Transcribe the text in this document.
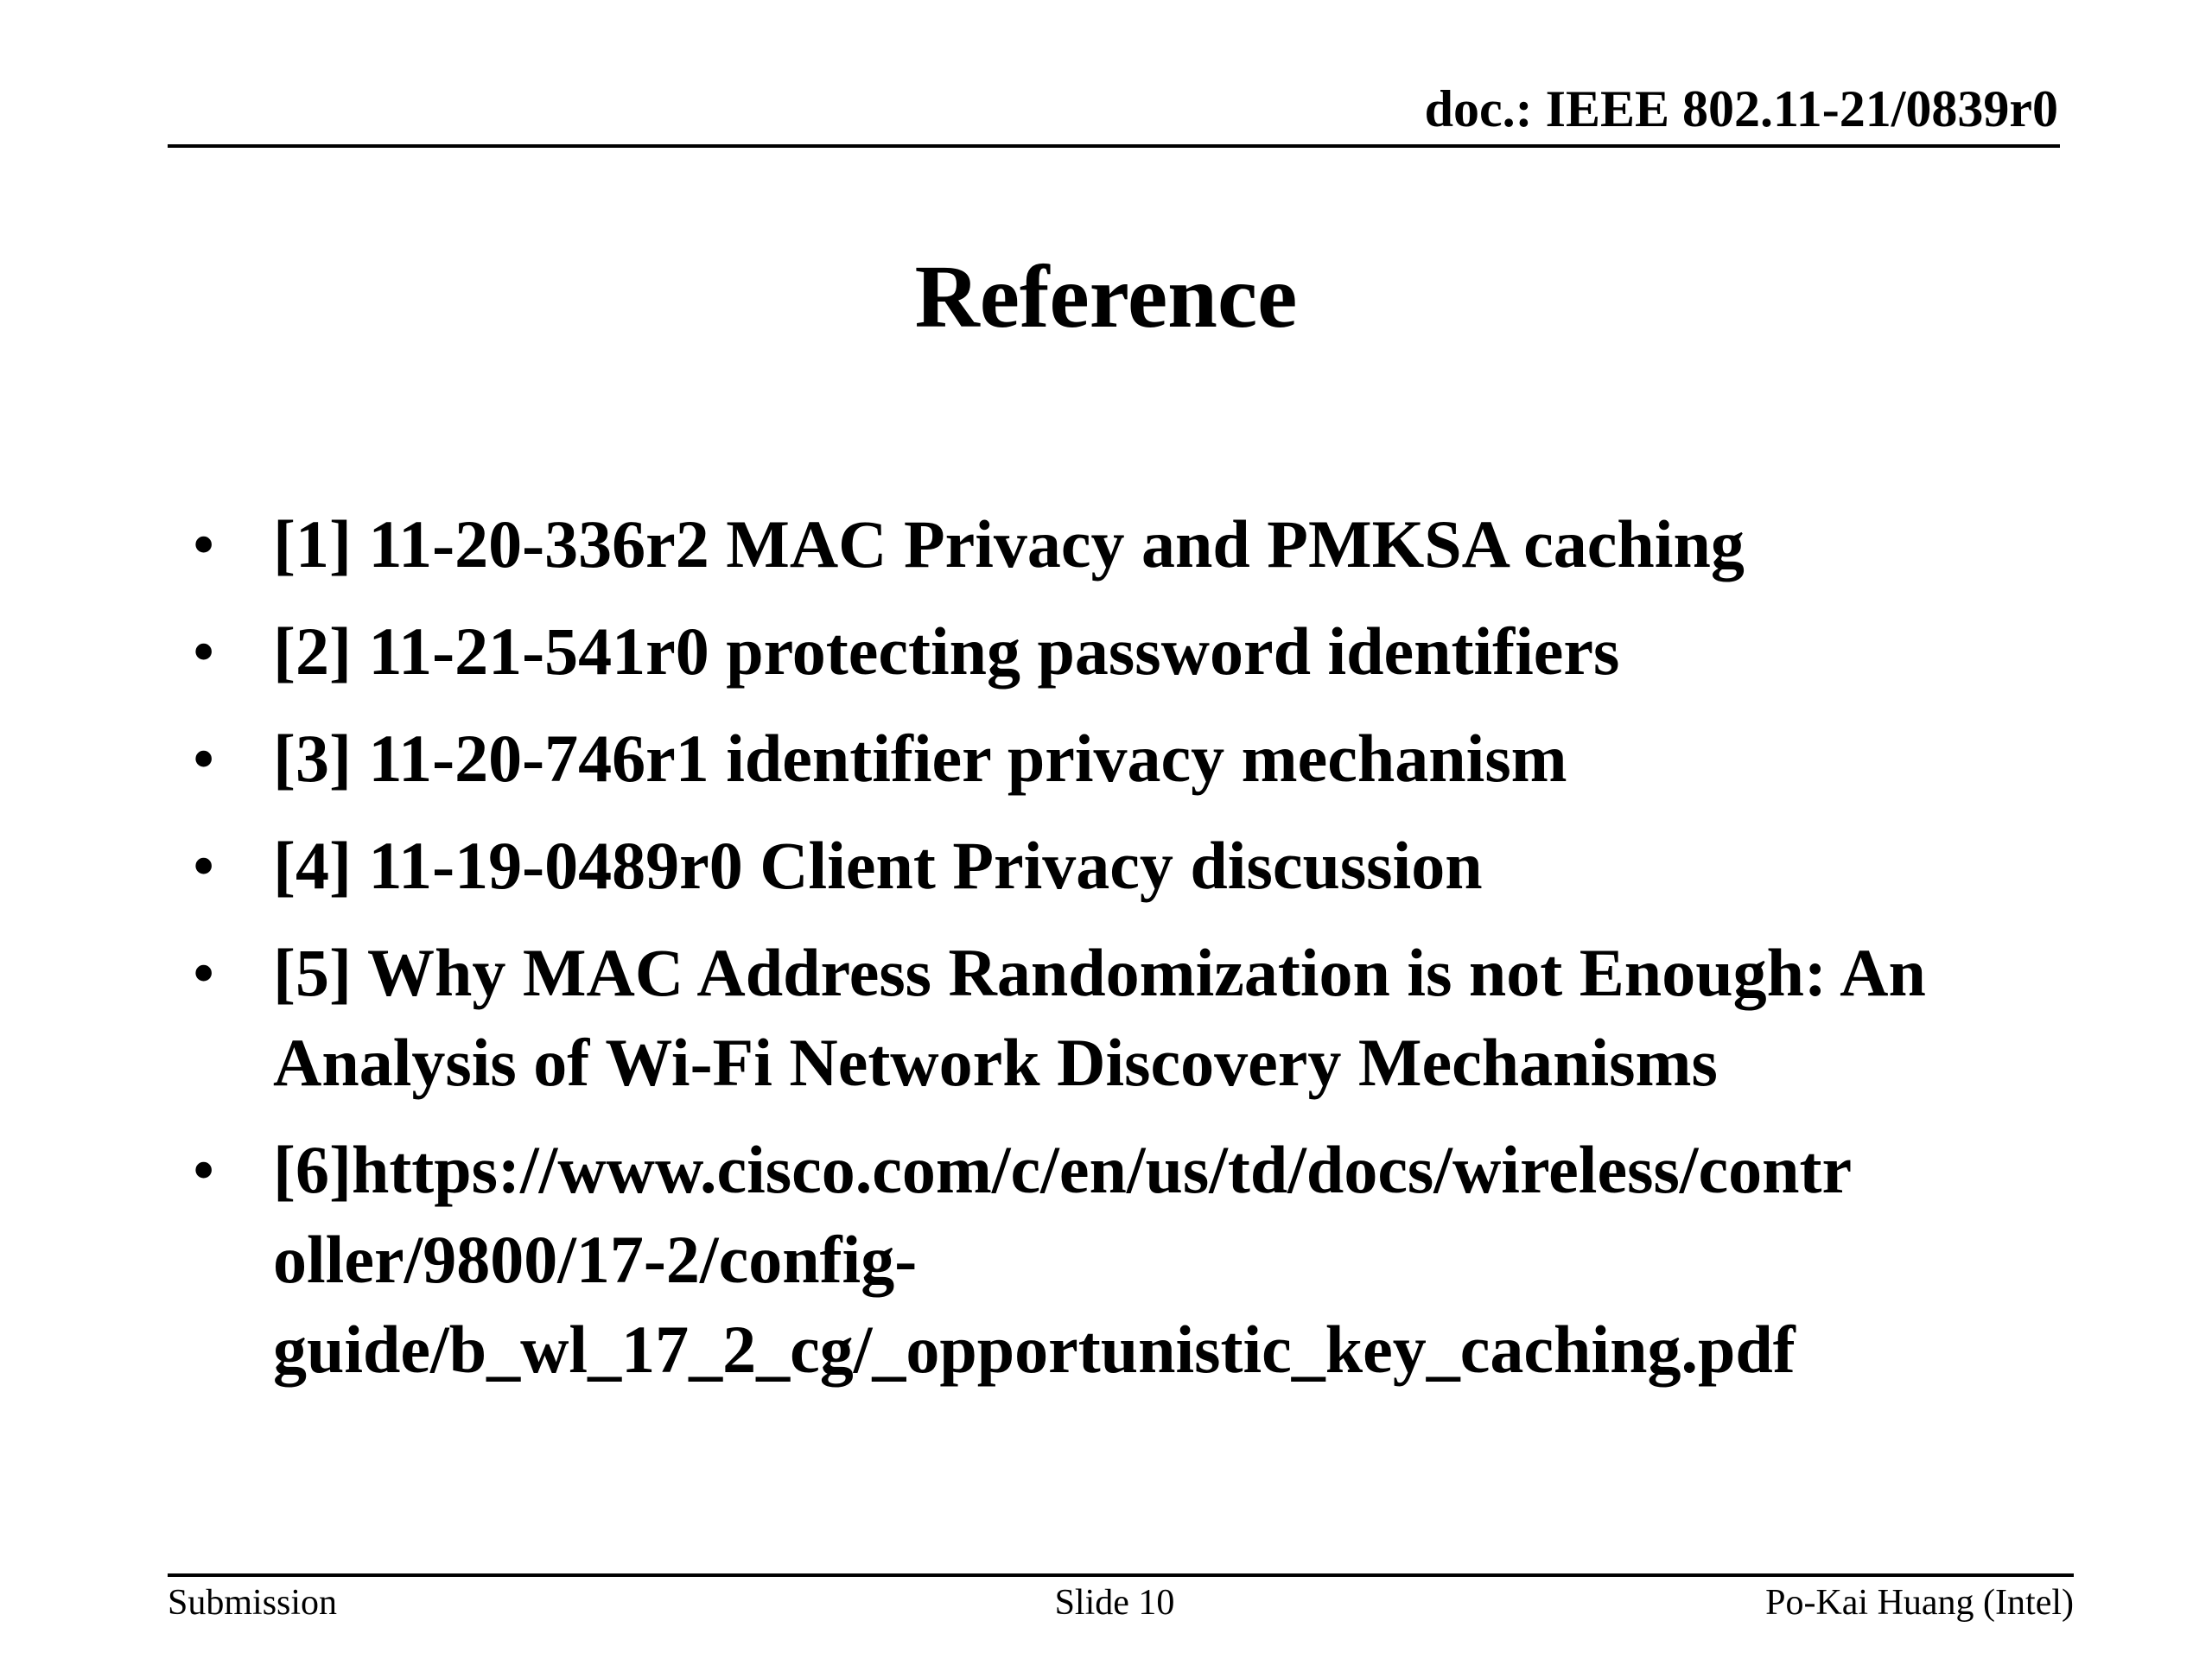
doc.: IEEE 802.11-21/0839r0
Reference
• [1] 11-20-336r2 MAC Privacy and PMKSA caching
• [2] 11-21-541r0 protecting password identifiers
• [3] 11-20-746r1 identifier privacy mechanism
• [4] 11-19-0489r0 Client Privacy discussion
• [5] Why MAC Address Randomization is not Enough: An Analysis of Wi-Fi Network Discovery Mechanisms
• [6]https://www.cisco.com/c/en/us/td/docs/wireless/contr
oller/9800/17-2/config-
guide/b_wl_17_2_cg/_opportunistic_key_caching.pdf
Submission	Slide 10	Po-Kai Huang (Intel)
